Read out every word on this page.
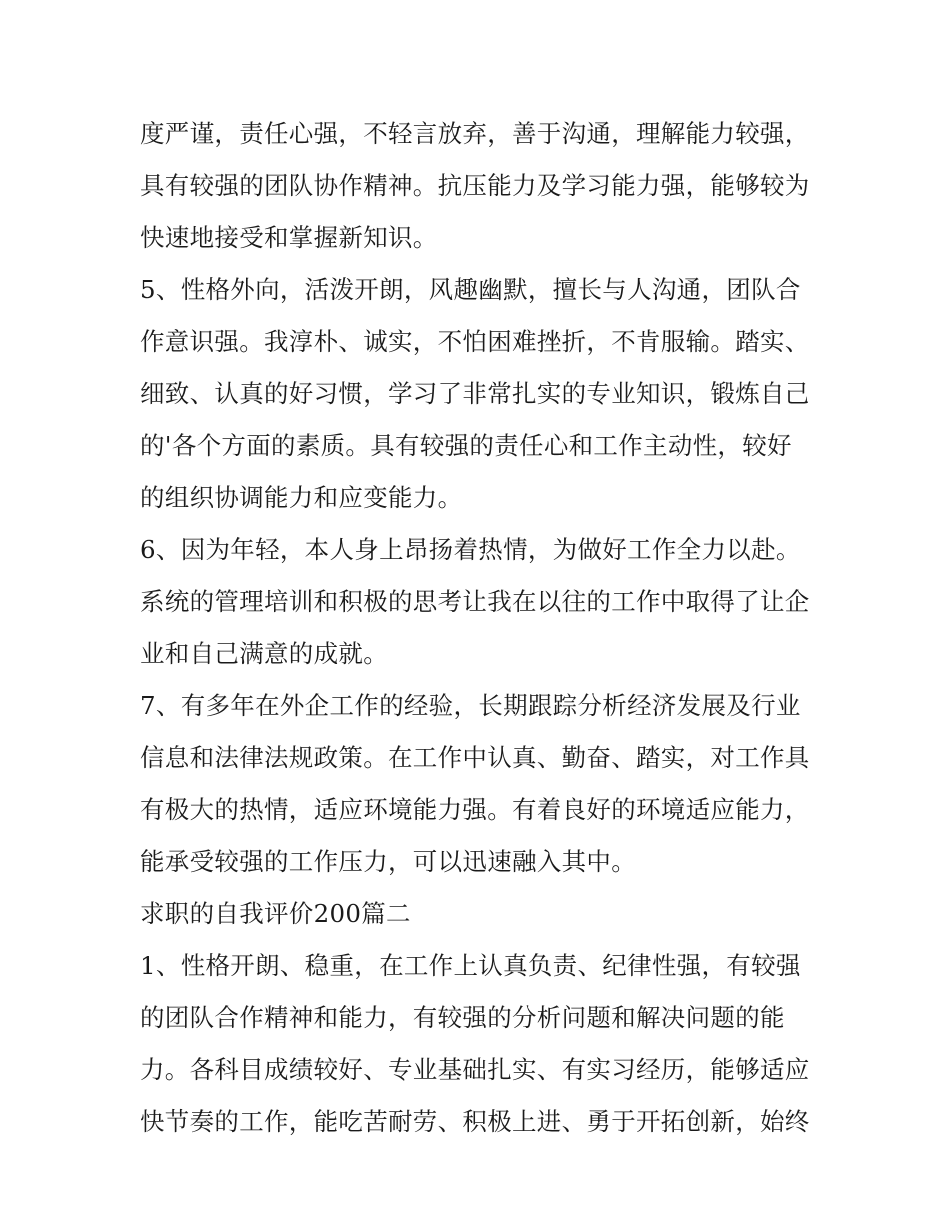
度严谨，责任心强，不轻言放弃，善于沟通，理解能力较强，
具有较强的团队协作精神。抗压能力及学习能力强，能够较为
快速地接受和掌握新知识。
5、性格外向，活泼开朗，风趣幽默，擅长与人沟通，团队合
作意识强。我淳朴、诚实，不怕困难挫折，不肯服输。踏实、
细致、认真的好习惯，学习了非常扎实的专业知识，锻炼自己
的'各个方面的素质。具有较强的责任心和工作主动性，较好
的组织协调能力和应变能力。
6、因为年轻，本人身上昂扬着热情，为做好工作全力以赴。
系统的管理培训和积极的思考让我在以往的工作中取得了让企
业和自己满意的成就。
7、有多年在外企工作的经验，长期跟踪分析经济发展及行业
信息和法律法规政策。在工作中认真、勤奋、踏实，对工作具
有极大的热情，适应环境能力强。有着良好的环境适应能力，
能承受较强的工作压力，可以迅速融入其中。
求职的自我评价200篇二
1、性格开朗、稳重，在工作上认真负责、纪律性强，有较强
的团队合作精神和能力，有较强的分析问题和解决问题的能
力。各科目成绩较好、专业基础扎实、有实习经历，能够适应
快节奏的工作，能吃苦耐劳、积极上进、勇于开拓创新，始终
